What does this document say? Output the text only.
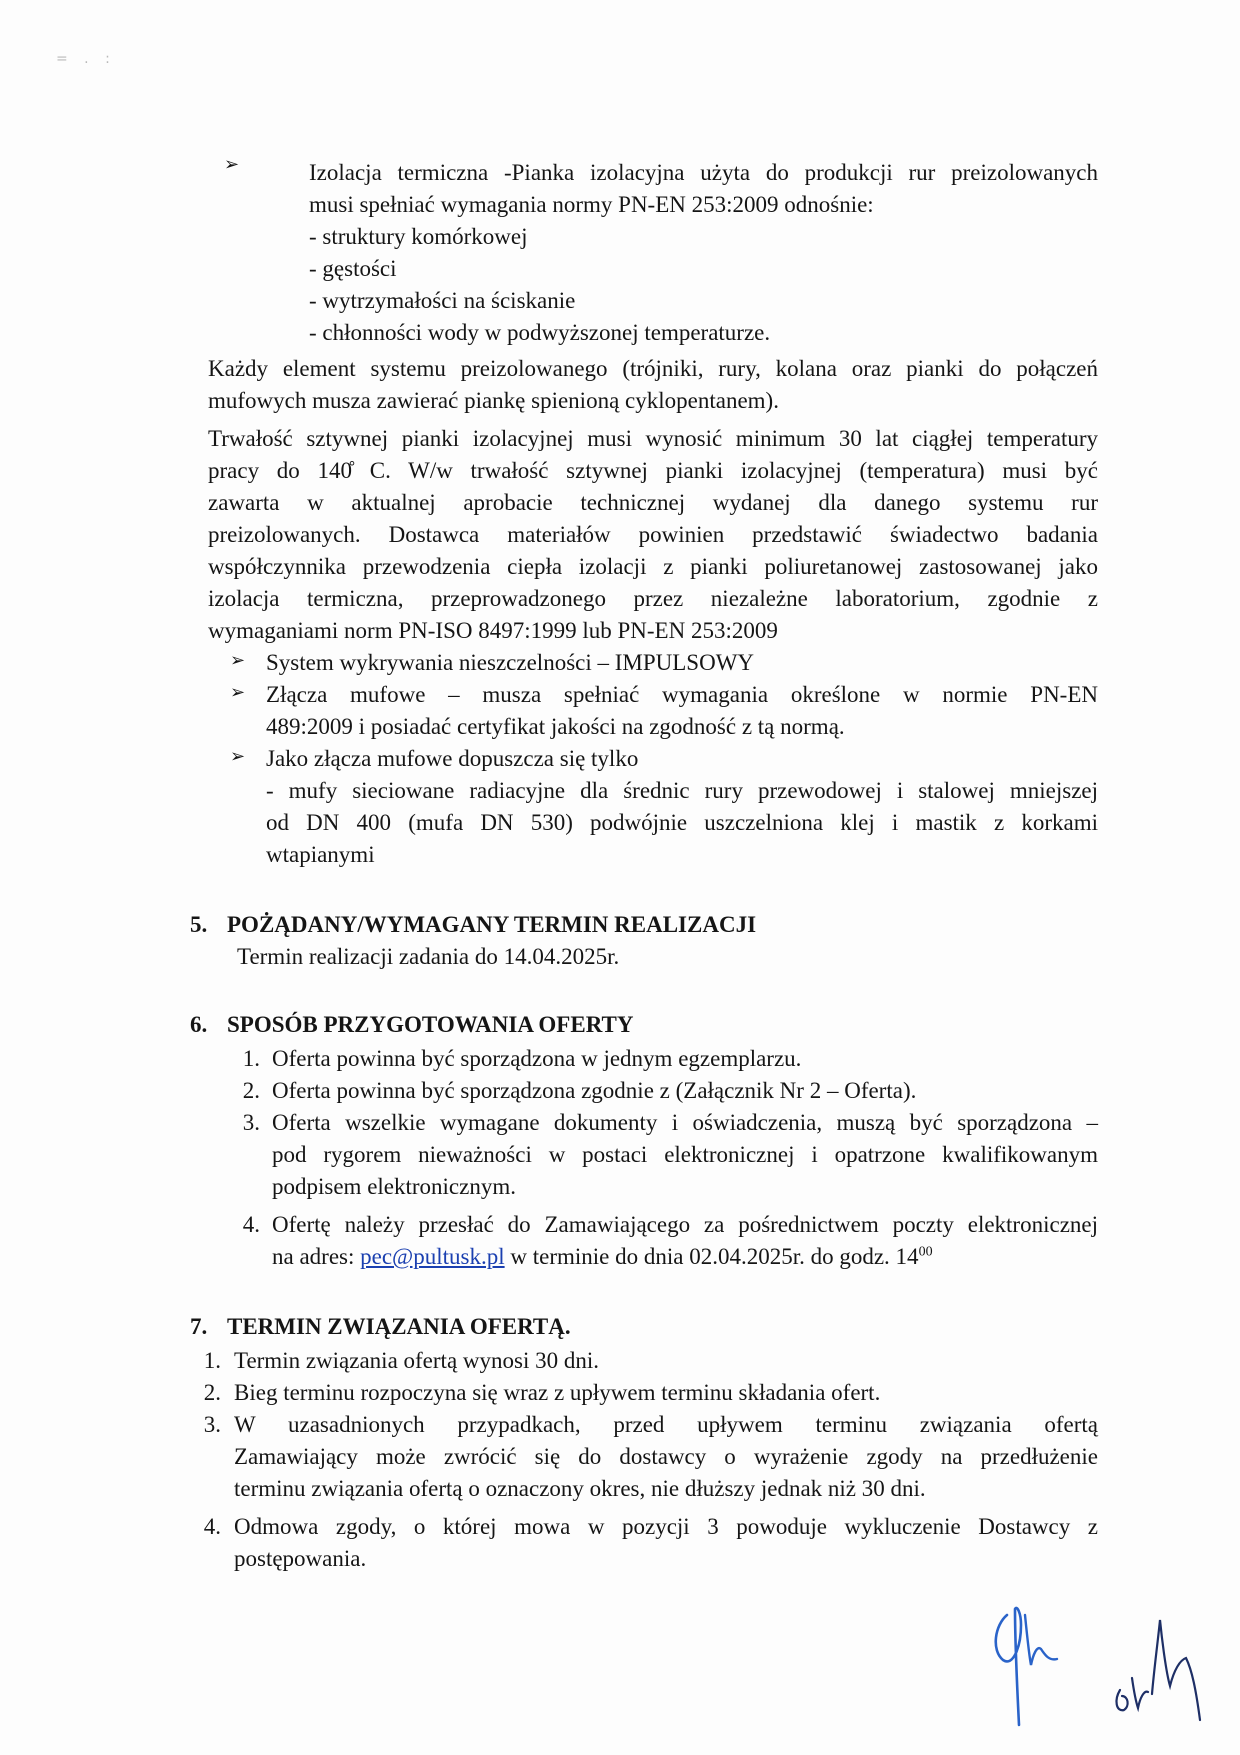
= . :
➢	Izolacja termiczna -Pianka izolacyjna użyta do produkcji rur preizolowanych
musi spełniać wymagania normy PN-EN 253:2009 odnośnie:
- struktury komórkowej
- gęstości
- wytrzymałości na ściskanie
- chłonności wody w podwyższonej temperaturze.
Każdy element systemu preizolowanego (trójniki, rury, kolana oraz pianki do połączeń
mufowych musza zawierać piankę spienioną cyklopentanem).
Trwałość sztywnej pianki izolacyjnej musi wynosić minimum 30 lat ciągłej temperatury
pracy do 140̊ C. W/w trwałość sztywnej pianki izolacyjnej (temperatura) musi być
zawarta w aktualnej aprobacie technicznej wydanej dla danego systemu rur
preizolowanych. Dostawca materiałów powinien przedstawić świadectwo badania
współczynnika przewodzenia ciepła izolacji z pianki poliuretanowej zastosowanej jako
izolacja termiczna, przeprowadzonego przez niezależne laboratorium, zgodnie z
wymaganiami norm PN-ISO 8497:1999 lub PN-EN 253:2009
➢ System wykrywania nieszczelności – IMPULSOWY
➢ Złącza mufowe – musza spełniać wymagania określone w normie PN-EN
489:2009 i posiadać certyfikat jakości na zgodność z tą normą.
➢ Jako złącza mufowe dopuszcza się tylko
- mufy sieciowane radiacyjne dla średnic rury przewodowej i stalowej mniejszej
od DN 400 (mufa DN 530) podwójnie uszczelniona klej i mastik z korkami
wtapianymi
5. POŻĄDANY/WYMAGANY TERMIN REALIZACJI
Termin realizacji zadania do 14.04.2025r.
6. SPOSÓB PRZYGOTOWANIA OFERTY
1. Oferta powinna być sporządzona w jednym egzemplarzu.
2. Oferta powinna być sporządzona zgodnie z (Załącznik Nr 2 – Oferta).
3. Oferta wszelkie wymagane dokumenty i oświadczenia, muszą być sporządzona –
pod rygorem nieważności w postaci elektronicznej i opatrzone kwalifikowanym
podpisem elektronicznym.
4. Ofertę należy przesłać do Zamawiającego za pośrednictwem poczty elektronicznej
na adres: pec@pultusk.pl w terminie do dnia 02.04.2025r. do godz. $14^{00}$
7. TERMIN ZWIĄZANIA OFERTĄ.
1. Termin związania ofertą wynosi 30 dni.
2. Bieg terminu rozpoczyna się wraz z upływem terminu składania ofert.
3. W uzasadnionych przypadkach, przed upływem terminu związania ofertą
Zamawiający może zwrócić się do dostawcy o wyrażenie zgody na przedłużenie
terminu związania ofertą o oznaczony okres, nie dłuższy jednak niż 30 dni.
4. Odmowa zgody, o której mowa w pozycji 3 powoduje wykluczenie Dostawcy z
postępowania.
